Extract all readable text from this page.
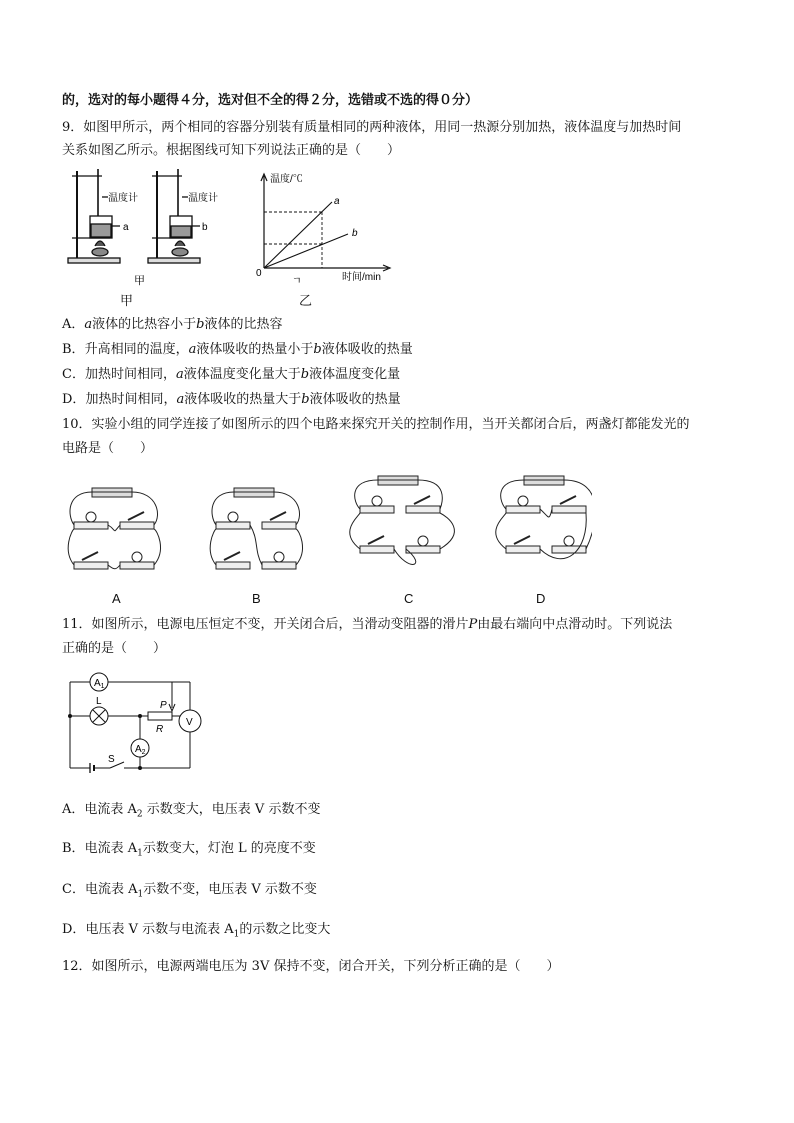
的，选对的每小题得４分，选对但不全的得２分，选错或不选的得０分）
9．如图甲所示，两个相同的容器分别装有质量相同的两种液体，用同一热源分别加热，液体温度与加热时间
关系如图乙所示。根据图线可知下列说法正确的是（　　）
温度计
a
温度计
b
甲
甲
温度/℃
时间/min
0
a
b
ㄱ
乙
A．a液体的比热容小于b液体的比热容
B．升高相同的温度，a液体吸收的热量小于b液体吸收的热量
C．加热时间相同，a液体温度变化量大于b液体温度变化量
D．加热时间相同，a液体吸收的热量大于b液体吸收的热量
10．实验小组的同学连接了如图所示的四个电路来探究开关的控制作用，当开关都闭合后，两盏灯都能发光的
电路是（　　）
A	B	C	D
11．如图所示，电源电压恒定不变，开关闭合后，当滑动变阻器的滑片P由最右端向中点滑动时。下列说法
正确的是（　　）
$A_1$
$A_2$
V
L	P
R
S
A．电流表 $A_2$ 示数变大，电压表 V 示数不变
B．电流表 $A_1$示数变大，灯泡 L 的亮度不变
C．电流表 $A_1$示数不变，电压表 V 示数不变
D．电压表 V 示数与电流表 $A_1$的示数之比变大
12．如图所示，电源两端电压为 3V 保持不变，闭合开关，下列分析正确的是（　　）
